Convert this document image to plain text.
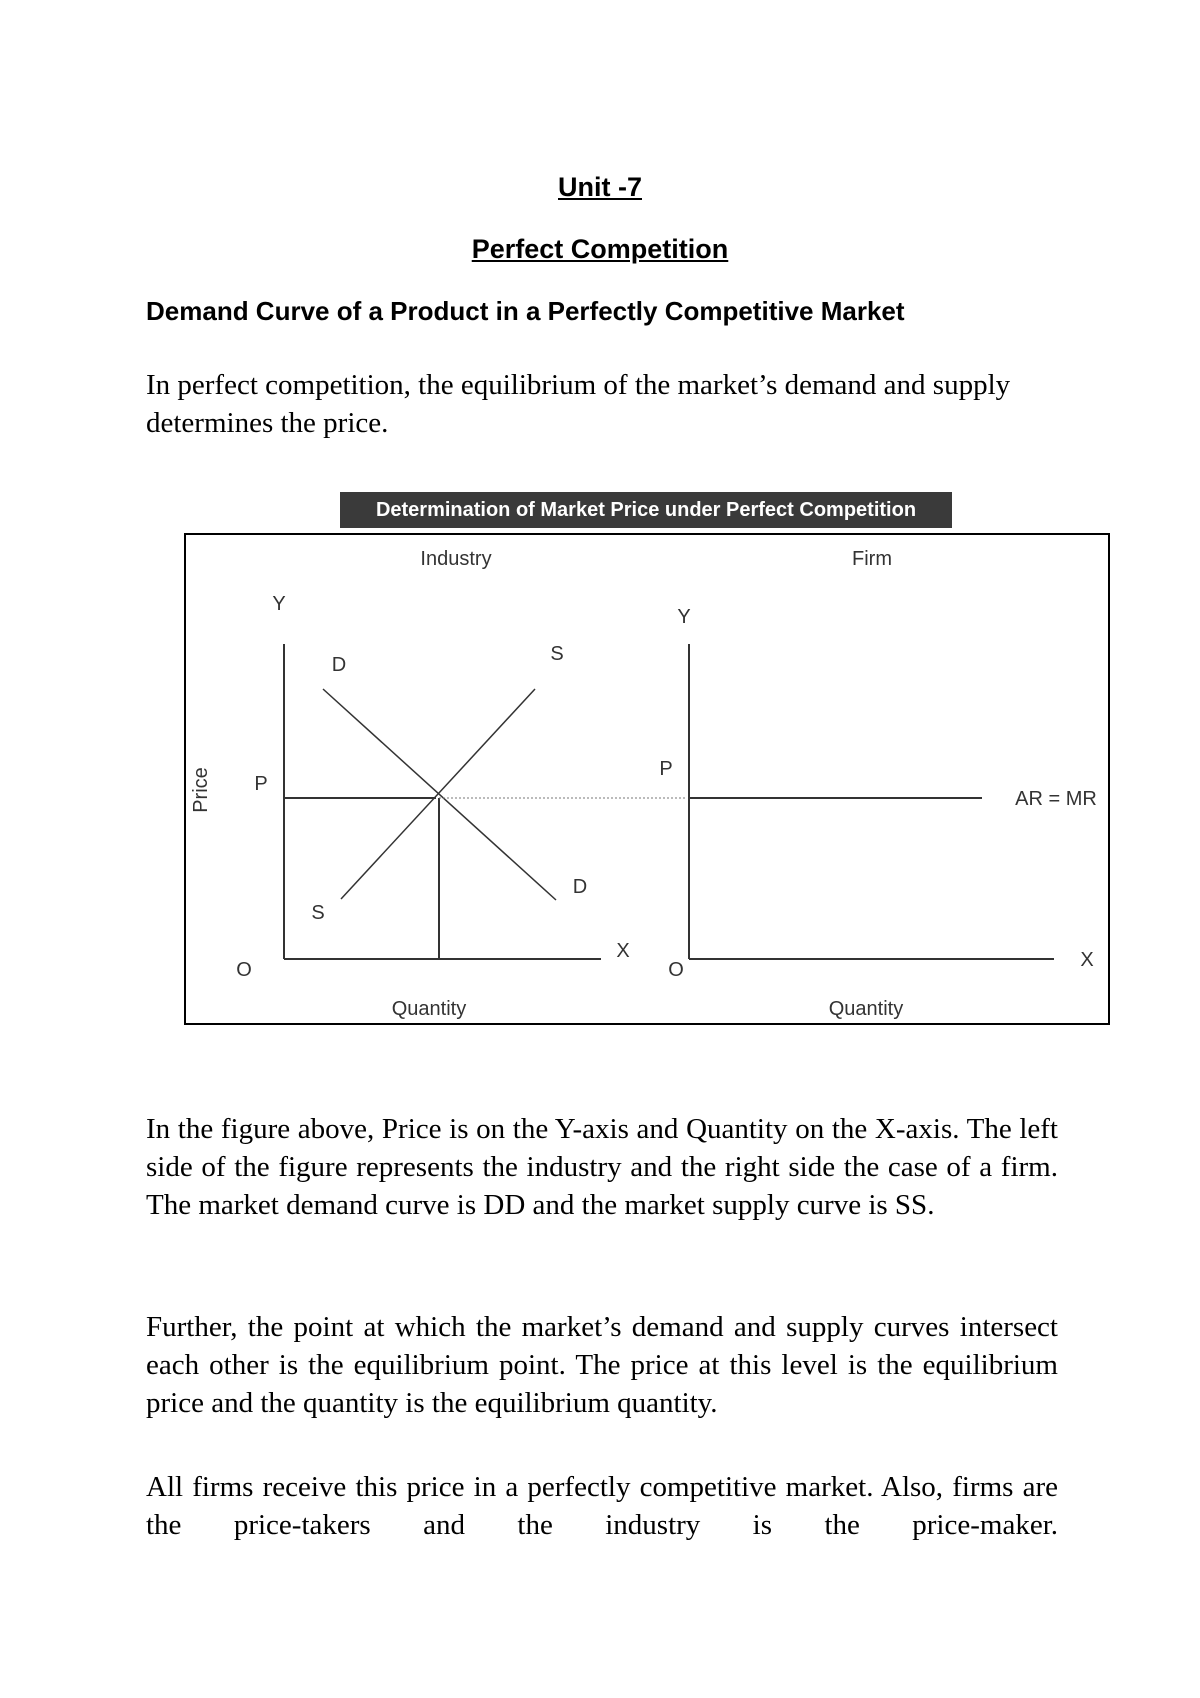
Unit -7
Perfect Competition
Demand Curve of a Product in a Perfectly Competitive Market
In perfect competition, the equilibrium of the market’s demand and supply determines the price.
Determination of Market Price under Perfect Competition
Industry	Firm
Price
Y
O
X
P
D
D
S
S
Quantity
Y
O	X
P
AR = MR
Quantity
In the figure above, Price is on the Y-axis and Quantity on the X-axis. The left side of the figure represents the industry and the right side the case of a firm. The market demand curve is DD and the market supply curve is SS.
Further, the point at which the market’s demand and supply curves intersect each other is the equilibrium point. The price at this level is the equilibrium price and the quantity is the equilibrium quantity.
All firms receive this price in a perfectly competitive market. Also, firms are the price-takers and the industry is the price-maker.
